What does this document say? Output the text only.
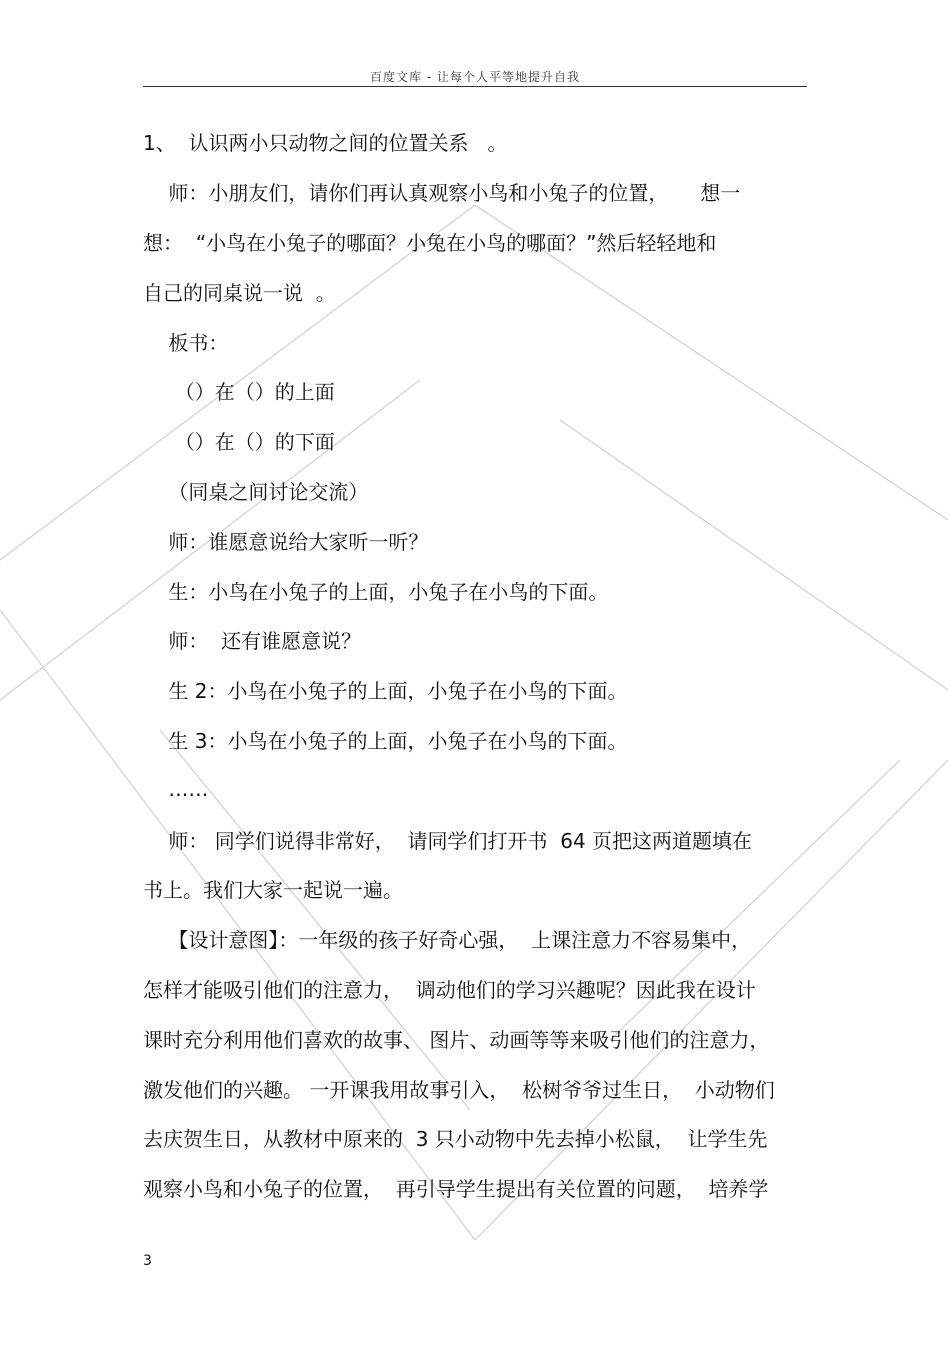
百度文库 - 让每个人平等地提升自我
1、  认识两小只动物之间的位置关系   。
师：小朋友们，请你们再认真观察小鸟和小兔子的位置，     想一
想：  “小鸟在小兔子的哪面？小兔在小鸟的哪面？”然后轻轻地和
自己的同桌说一说  。
板书：
（）在（）的上面
（）在（）的下面
（同桌之间讨论交流）
师：谁愿意说给大家听一听？
生：小鸟在小兔子的上面，小兔子在小鸟的下面。
师：  还有谁愿意说？
生 2：小鸟在小兔子的上面，小兔子在小鸟的下面。
生 3：小鸟在小兔子的上面，小兔子在小鸟的下面。
……
师： 同学们说得非常好，  请同学们打开书  64 页把这两道题填在
书上。我们大家一起说一遍。
【设计意图】：一年级的孩子好奇心强，  上课注意力不容易集中，
怎样才能吸引他们的注意力，  调动他们的学习兴趣呢？因此我在设计
课时充分利用他们喜欢的故事、 图片、动画等等来吸引他们的注意力，
激发他们的兴趣。 一开课我用故事引入，  松树爷爷过生日，  小动物们
去庆贺生日，从教材中原来的  3 只小动物中先去掉小松鼠，  让学生先
观察小鸟和小兔子的位置，  再引导学生提出有关位置的问题，  培养学
3
